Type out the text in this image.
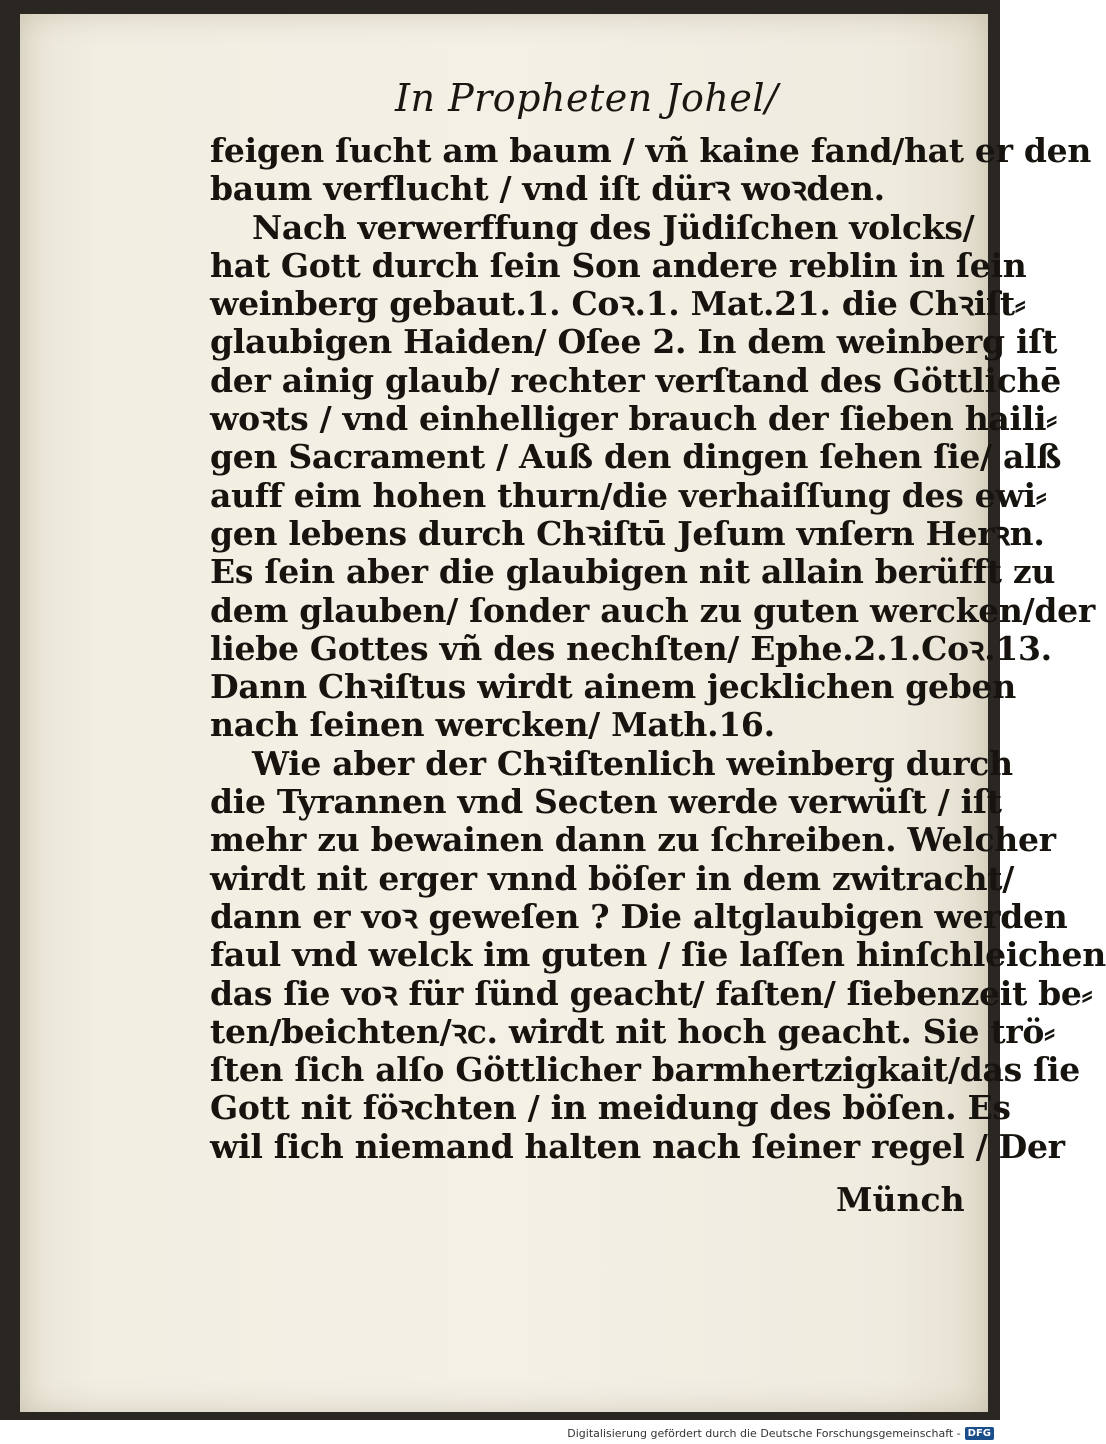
In Propheten Johel/
feigen ſucht am baum / vñ kaine fand/hat er den
baum verflucht / vnd iſt dürꝛ woꝛden.
Nach verwerffung des Jüdiſchen volcks/
hat Gott durch ſein Son andere reblin in ſein
weinberg gebaut.1. Coꝛ.1. Mat.21. die Chꝛiſt⸗
glaubigen Haiden/ Oſee 2. In dem weinberg iſt
der ainig glaub/ rechter verſtand des Göttlichē
woꝛts / vnd einhelliger brauch der ſieben haili⸗
gen Sacrament / Auß den dingen ſehen ſie/ alß
auff eim hohen thurn/die verhaiſſung des ewi⸗
gen lebens durch Chꝛiſtū Jeſum vnſern Herꝛn.
Es ſein aber die glaubigen nit allain berüfft zu
dem glauben/ ſonder auch zu guten wercken/der
liebe Gottes vñ des nechſten/ Ephe.2.1.Coꝛ.13.
Dann Chꝛiſtus wirdt ainem jecklichen geben
nach ſeinen wercken/ Math.16.
Wie aber der Chꝛiſtenlich weinberg durch
die Tyrannen vnd Secten werde verwüſt / iſt
mehr zu bewainen dann zu ſchreiben. Welcher
wirdt nit erger vnnd böſer in dem zwitracht/
dann er voꝛ geweſen ? Die altglaubigen werden
faul vnd welck im guten / ſie laſſen hinſchleichen
das ſie voꝛ für ſünd geacht/ faſten/ ſiebenzeit be⸗
ten/beichten/ꝛc. wirdt nit hoch geacht. Sie trö⸗
ſten ſich alſo Göttlicher barmhertzigkait/das ſie
Gott nit föꝛchten / in meidung des böſen. Es
wil ſich niemand halten nach ſeiner regel / Der
Münch
Digitalisierung gefördert durch die Deutsche Forschungsgemeinschaft - DFG
